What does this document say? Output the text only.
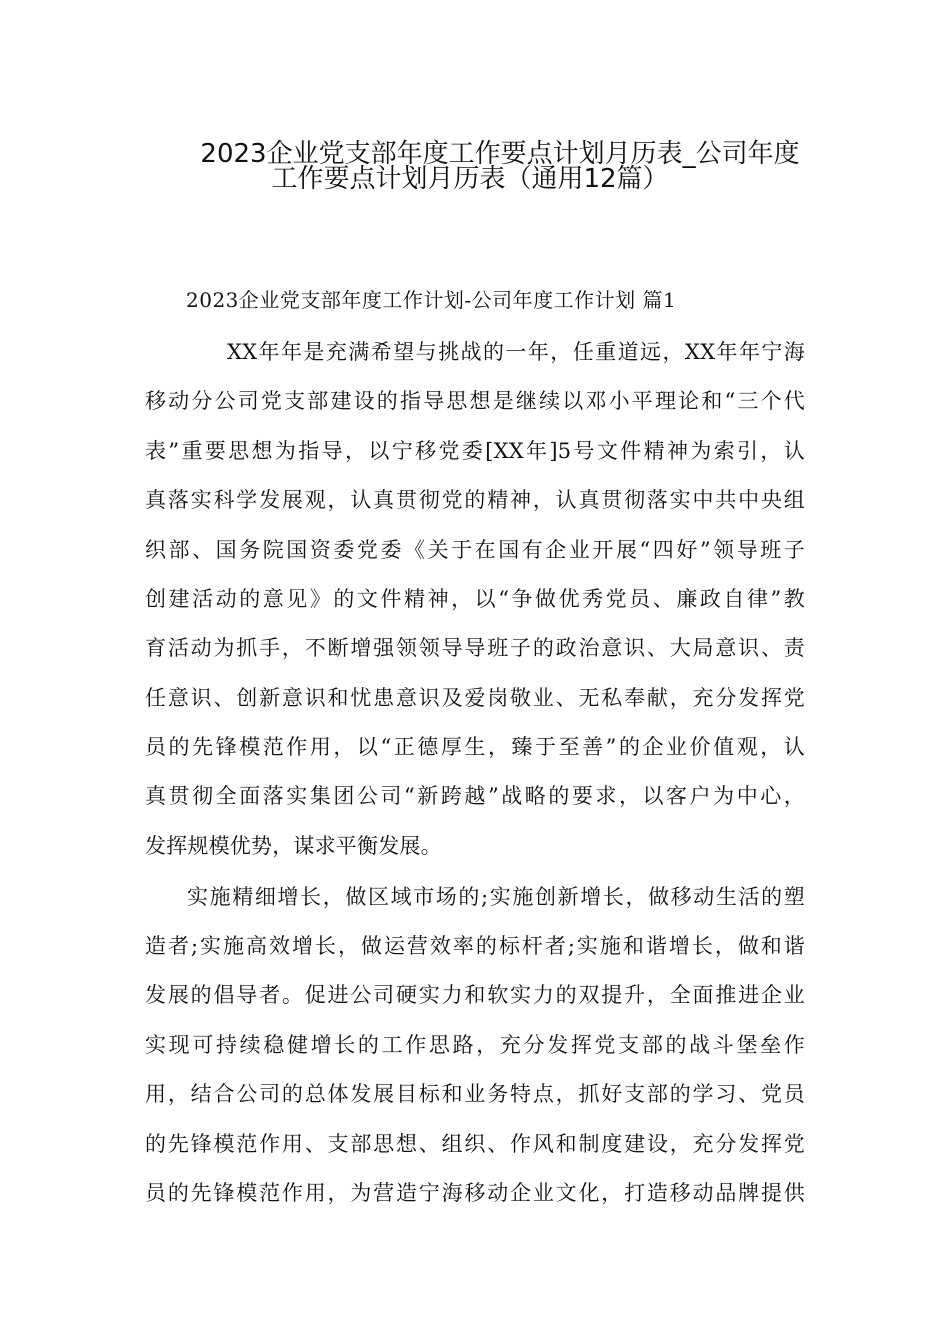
2023企业党支部年度工作要点计划月历表_公司年度
工作要点计划月历表（通用12篇）
2023企业党支部年度工作计划-公司年度工作计划 篇1
XX年年是充满希望与挑战的一年，任重道远，XX年年宁海
移动分公司党支部建设的指导思想是继续以邓小平理论和“三个代
表”重要思想为指导，以宁移党委[XX年]5号文件精神为索引，认
真落实科学发展观，认真贯彻党的精神，认真贯彻落实中共中央组
织部、国务院国资委党委《关于在国有企业开展“四好”领导班子
创建活动的意见》的文件精神，以“争做优秀党员、廉政自律”教
育活动为抓手，不断增强领领导导班子的政治意识、大局意识、责
任意识、创新意识和忧患意识及爱岗敬业、无私奉献，充分发挥党
员的先锋模范作用，以“正德厚生，臻于至善”的企业价值观，认
真贯彻全面落实集团公司“新跨越”战略的要求，以客户为中心，
发挥规模优势，谋求平衡发展。
实施精细增长，做区域市场的;实施创新增长，做移动生活的塑
造者;实施高效增长，做运营效率的标杆者;实施和谐增长，做和谐
发展的倡导者。促进公司硬实力和软实力的双提升，全面推进企业
实现可持续稳健增长的工作思路，充分发挥党支部的战斗堡垒作
用，结合公司的总体发展目标和业务特点，抓好支部的学习、党员
的先锋模范作用、支部思想、组织、作风和制度建设，充分发挥党
员的先锋模范作用，为营造宁海移动企业文化，打造移动品牌提供
